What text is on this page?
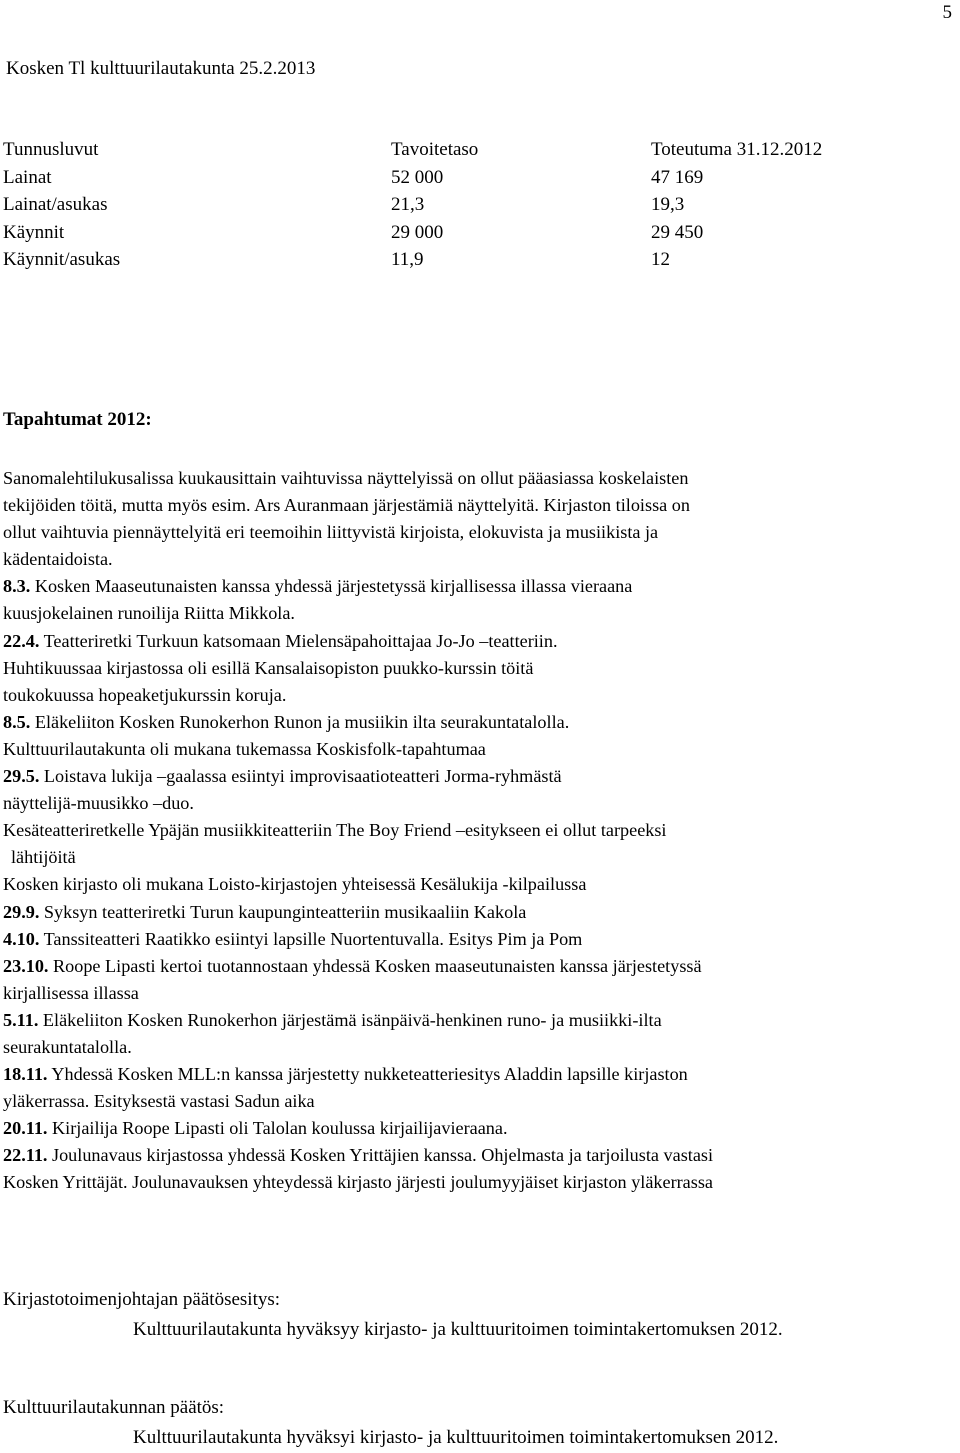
5
Kosken Tl kulttuurilautakunta 25.2.2013
Tunnusluvut	Tavoitetaso	Toteutuma 31.12.2012
Lainat	52 000	47 169
Lainat/asukas	21,3	19,3
Käynnit	29 000	29 450
Käynnit/asukas	11,9	12
Tapahtumat 2012:
Sanomalehtilukusalissa kuukausittain vaihtuvissa näyttelyissä on ollut pääasiassa koskelaisten
tekijöiden töitä, mutta myös esim. Ars Auranmaan järjestämiä näyttelyitä. Kirjaston tiloissa on
ollut vaihtuvia piennäyttelyitä eri teemoihin liittyvistä kirjoista, elokuvista ja musiikista ja
kädentaidoista.
8.3. Kosken Maaseutunaisten kanssa yhdessä järjestetyssä kirjallisessa illassa vieraana
kuusjokelainen runoilija Riitta Mikkola.
22.4. Teatteriretki Turkuun katsomaan Mielensäpahoittajaa Jo-Jo –teatteriin.
Huhtikuussaa kirjastossa oli esillä Kansalaisopiston puukko-kurssin töitä
toukokuussa hopeaketjukurssin koruja.
8.5. Eläkeliiton Kosken Runokerhon Runon ja musiikin ilta seurakuntatalolla.
Kulttuurilautakunta oli mukana tukemassa Koskisfolk-tapahtumaa
29.5. Loistava lukija –gaalassa esiintyi improvisaatioteatteri Jorma-ryhmästä
näyttelijä-muusikko –duo.
Kesäteatteriretkelle Ypäjän musiikkiteatteriin The Boy Friend –esitykseen ei ollut tarpeeksi
lähtijöitä
Kosken kirjasto oli mukana Loisto-kirjastojen yhteisessä Kesälukija -kilpailussa
29.9. Syksyn teatteriretki Turun kaupunginteatteriin musikaaliin Kakola
4.10. Tanssiteatteri Raatikko esiintyi lapsille Nuortentuvalla. Esitys Pim ja Pom
23.10. Roope Lipasti kertoi tuotannostaan yhdessä Kosken maaseutunaisten kanssa järjestetyssä
kirjallisessa illassa
5.11. Eläkeliiton Kosken Runokerhon järjestämä isänpäivä-henkinen runo- ja musiikki-ilta
seurakuntatalolla.
18.11. Yhdessä Kosken MLL:n kanssa järjestetty nukketeatteriesitys Aladdin lapsille kirjaston
yläkerrassa. Esityksestä vastasi Sadun aika
20.11. Kirjailija Roope Lipasti oli Talolan koulussa kirjailijavieraana.
22.11. Joulunavaus kirjastossa yhdessä Kosken Yrittäjien kanssa. Ohjelmasta ja tarjoilusta vastasi
Kosken Yrittäjät. Joulunavauksen yhteydessä kirjasto järjesti joulumyyjäiset kirjaston yläkerrassa
Kirjastotoimenjohtajan päätösesitys:
Kulttuurilautakunta hyväksyy kirjasto- ja kulttuuritoimen toimintakertomuksen 2012.
Kulttuurilautakunnan päätös:
Kulttuurilautakunta hyväksyi kirjasto- ja kulttuuritoimen toimintakertomuksen 2012.
